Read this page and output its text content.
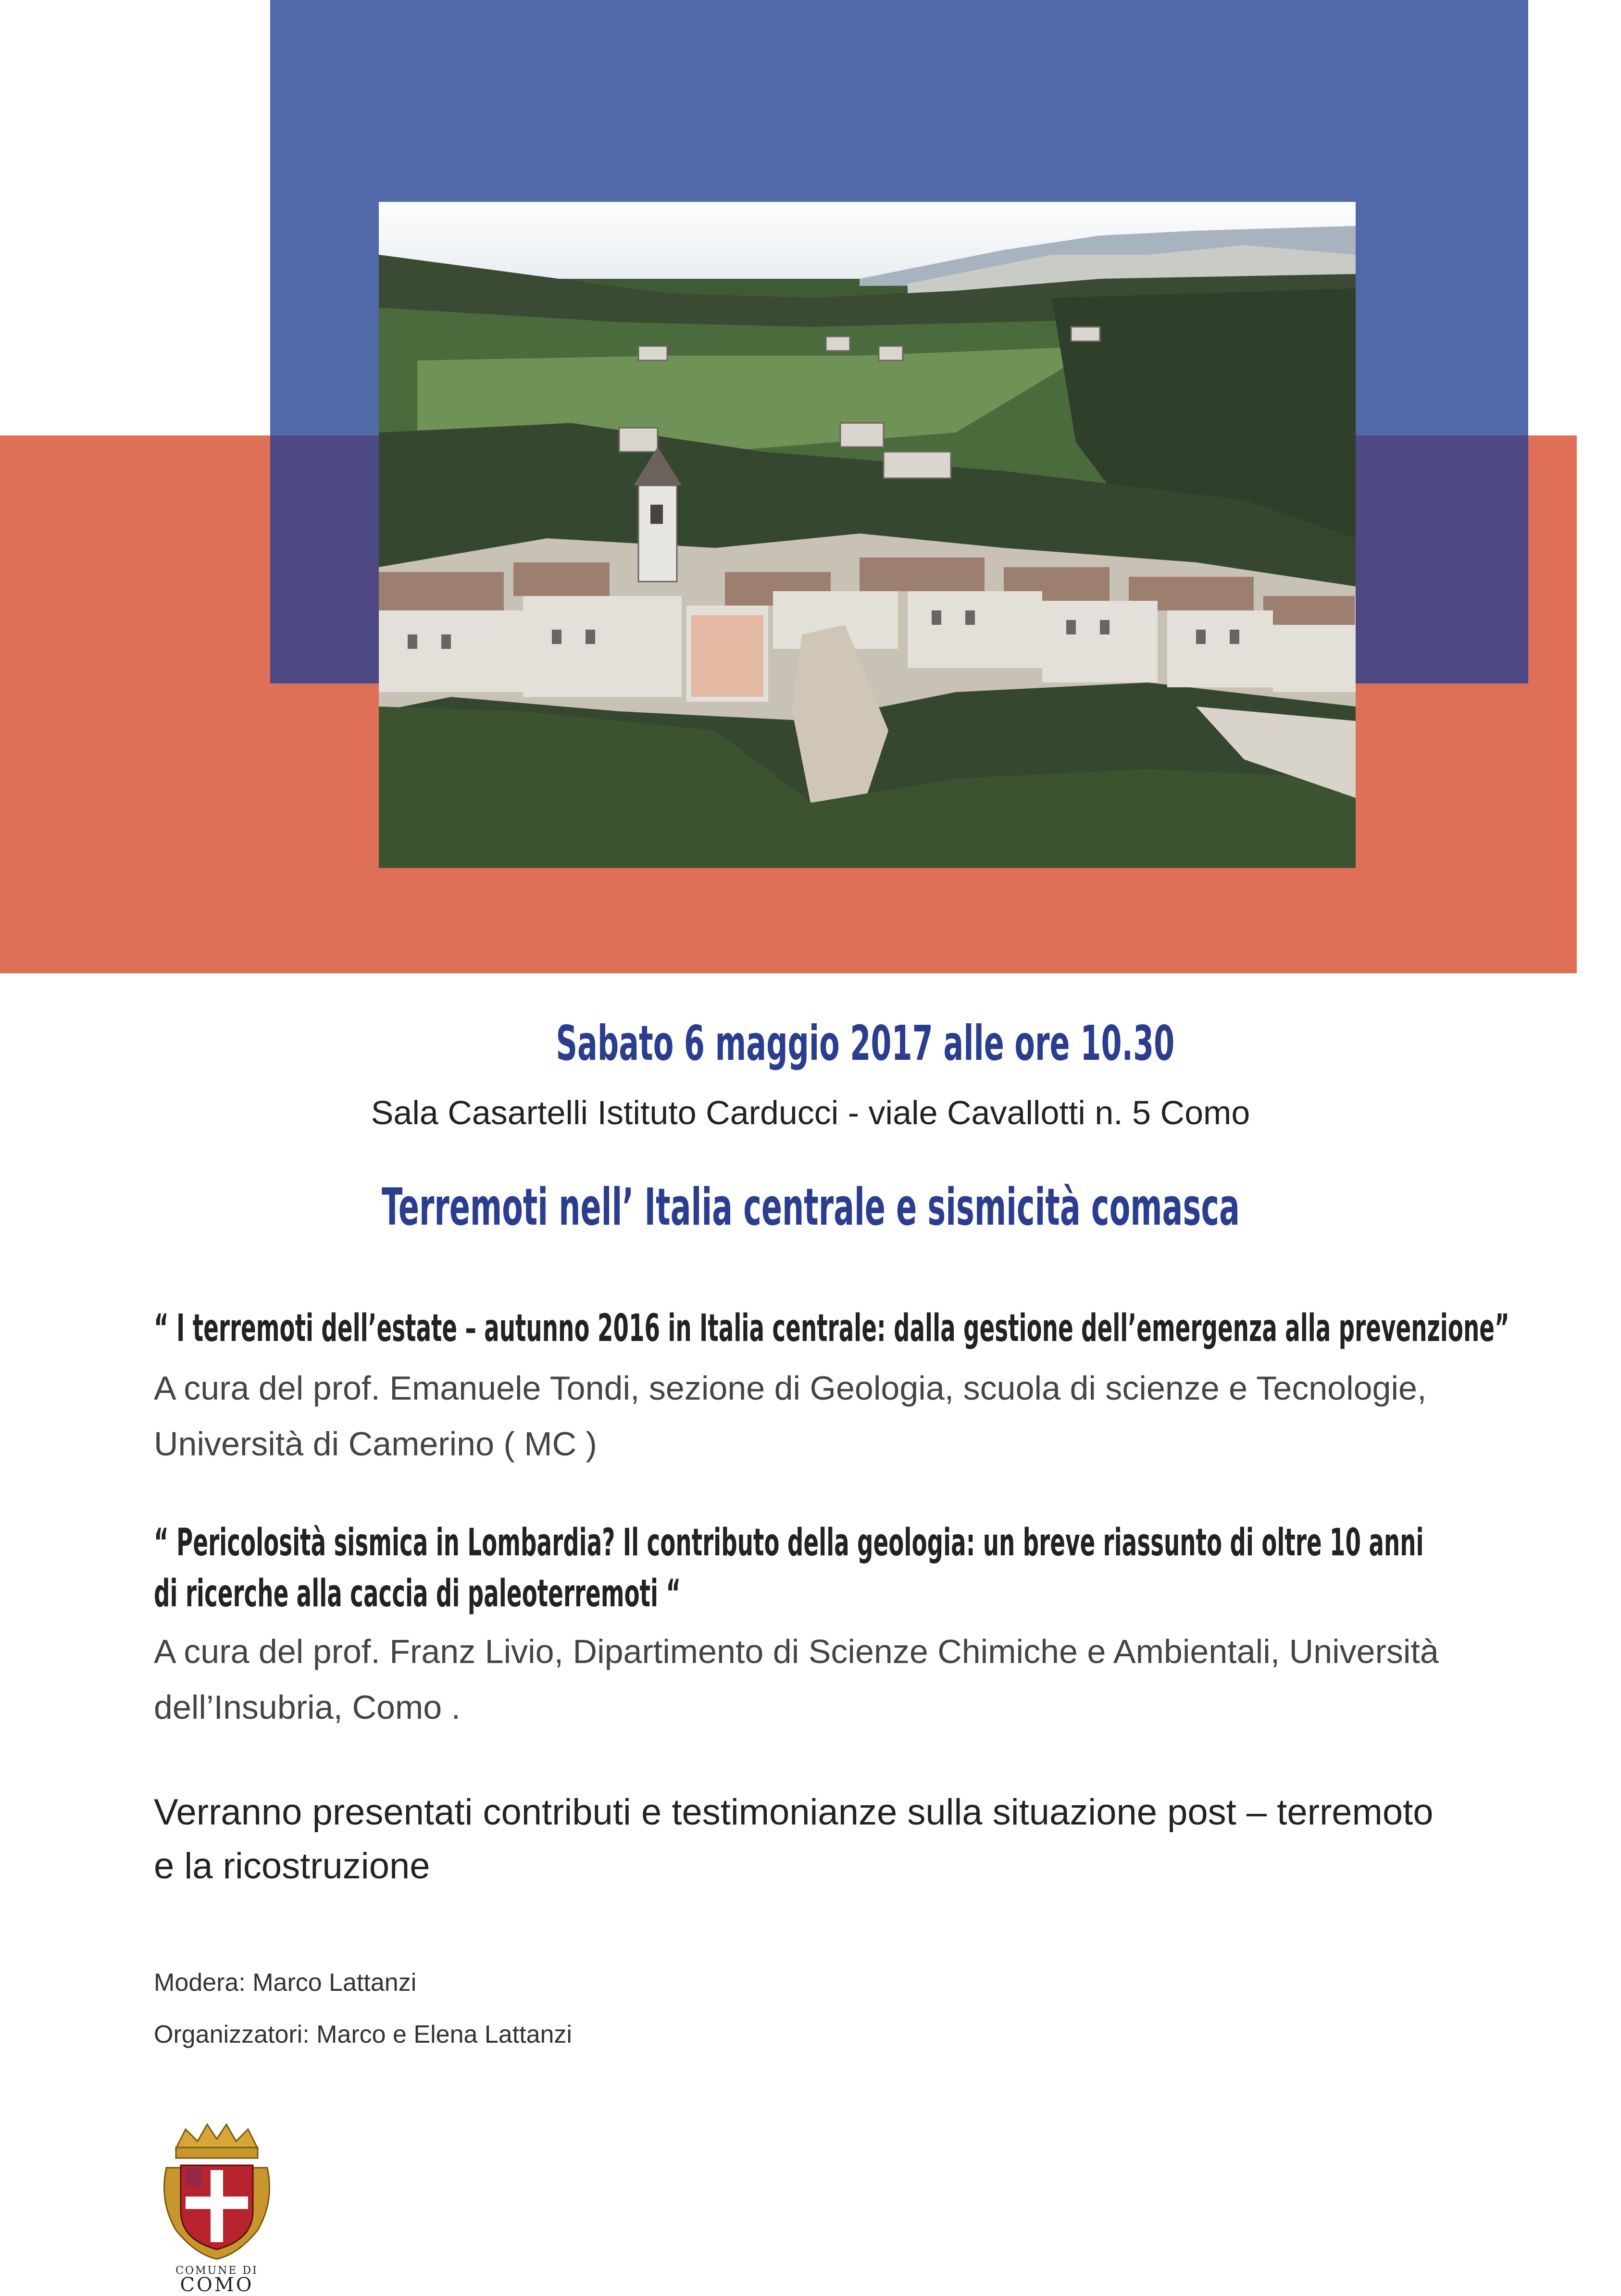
Sabato 6 maggio 2017 alle ore 10.30
Sala Casartelli Istituto Carducci - viale Cavallotti n. 5 Como
Terremoti nell’ Italia centrale e sismicità comasca
“ I terremoti dell’estate – autunno 2016 in Italia centrale: dalla gestione dell’emergenza alla prevenzione”
A cura del prof. Emanuele Tondi, sezione di Geologia, scuola di scienze e Tecnologie,
Università di Camerino ( MC )
“ Pericolosità sismica in Lombardia? Il contributo della geologia: un breve riassunto di oltre 10 anni
di ricerche alla caccia di paleoterremoti “
A cura del prof. Franz Livio, Dipartimento di Scienze Chimiche e Ambientali, Università
dell’Insubria, Como .
Verranno presentati contributi e testimonianze sulla situazione post – terremoto
e la ricostruzione
Modera: Marco Lattanzi
Organizzatori: Marco e Elena Lattanzi
COMUNE DI
COMO
